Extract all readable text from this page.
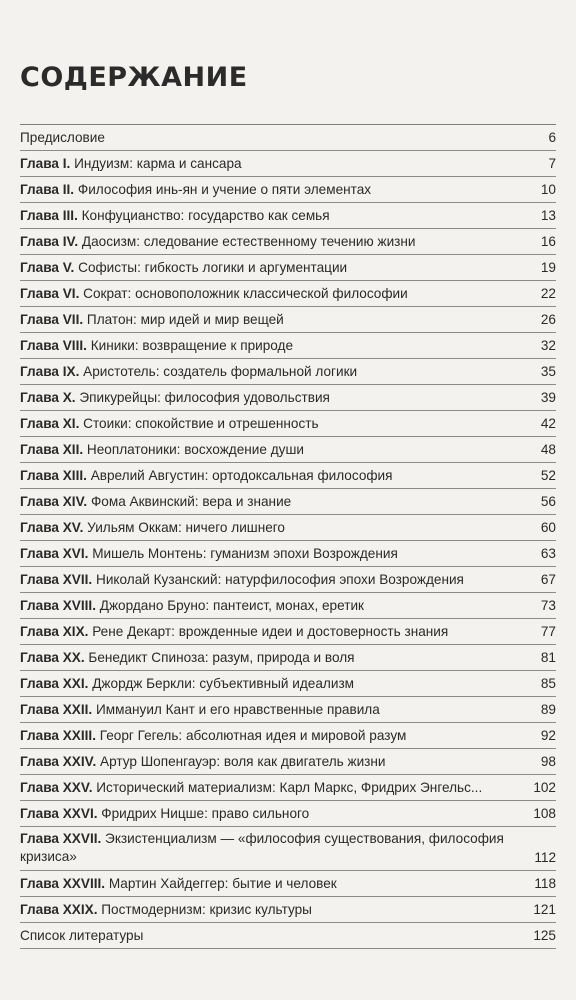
СОДЕРЖАНИЕ
Предисловие	6
Глава I. Индуизм: карма и сансара	7
Глава II. Философия инь-ян и учение о пяти элементах	10
Глава III. Конфуцианство: государство как семья	13
Глава IV. Даосизм: следование естественному течению жизни	16
Глава V. Софисты: гибкость логики и аргументации	19
Глава VI. Сократ: основоположник классической философии	22
Глава VII. Платон: мир идей и мир вещей	26
Глава VIII. Киники: возвращение к природе	32
Глава IX. Аристотель: создатель формальной логики	35
Глава X. Эпикурейцы: философия удовольствия	39
Глава XI. Стоики: спокойствие и отрешенность	42
Глава XII. Неоплатоники: восхождение души	48
Глава XIII. Аврелий Августин: ортодоксальная философия	52
Глава XIV. Фома Аквинский: вера и знание	56
Глава XV. Уильям Оккам: ничего лишнего	60
Глава XVI. Мишель Монтень: гуманизм эпохи Возрождения	63
Глава XVII. Николай Кузанский: натурфилософия эпохи Возрождения	67
Глава XVIII. Джордано Бруно: пантеист, монах, еретик	73
Глава XIX. Рене Декарт: врожденные идеи и достоверность знания	77
Глава XX. Бенедикт Спиноза: разум, природа и воля	81
Глава XXI. Джордж Беркли: субъективный идеализм	85
Глава XXII. Иммануил Кант и его нравственные правила	89
Глава XXIII. Георг Гегель: абсолютная идея и мировой разум	92
Глава XXIV. Артур Шопенгауэр: воля как двигатель жизни	98
Глава XXV. Исторический материализм: Карл Маркс, Фридрих Энгельс...	102
Глава XXVI. Фридрих Ницше: право сильного	108
Глава XXVII. Экзистенциализм — «философия существования, философия кризиса»	112
Глава XXVIII. Мартин Хайдеггер: бытие и человек	118
Глава XXIX. Постмодернизм: кризис культуры	121
Список литературы	125
